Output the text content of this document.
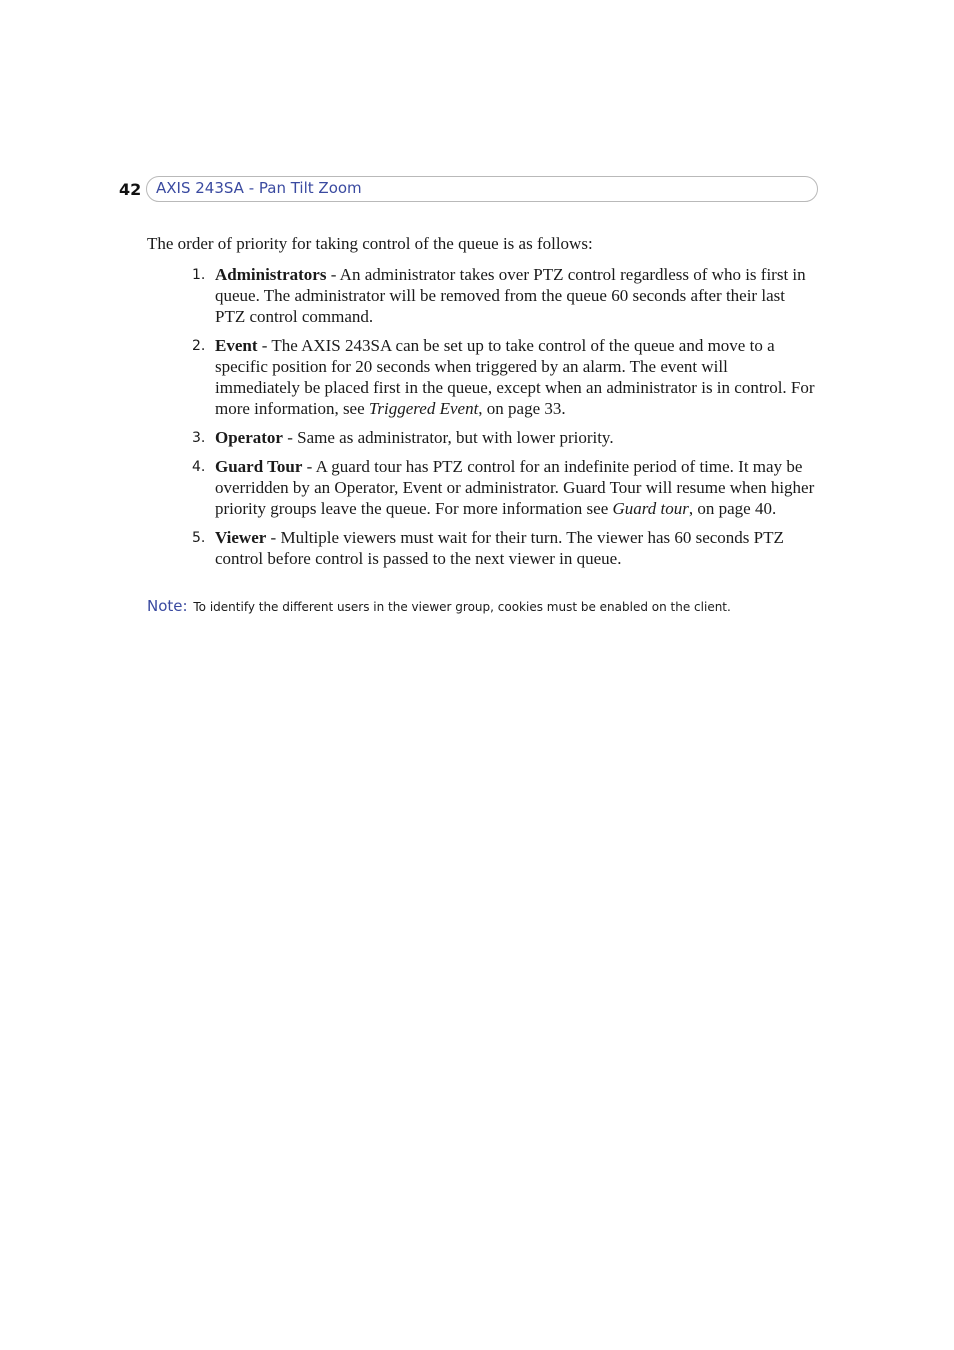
42 AXIS 243SA - Pan Tilt Zoom

The order of priority for taking control of the queue is as follows:

1. Administrators - An administrator takes over PTZ control regardless of who is first in queue. The administrator will be removed from the queue 60 seconds after their last PTZ control command.
2. Event - The AXIS 243SA can be set up to take control of the queue and move to a specific position for 20 seconds when triggered by an alarm. The event will immediately be placed first in the queue, except when an administrator is in control. For more information, see Triggered Event, on page 33.
3. Operator - Same as administrator, but with lower priority.
4. Guard Tour - A guard tour has PTZ control for an indefinite period of time. It may be overridden by an Operator, Event or administrator. Guard Tour will resume when higher priority groups leave the queue. For more information see Guard tour, on page 40.
5. Viewer - Multiple viewers must wait for their turn. The viewer has 60 seconds PTZ control before control is passed to the next viewer in queue.
Note: To identify the different users in the viewer group, cookies must be enabled on the client.
